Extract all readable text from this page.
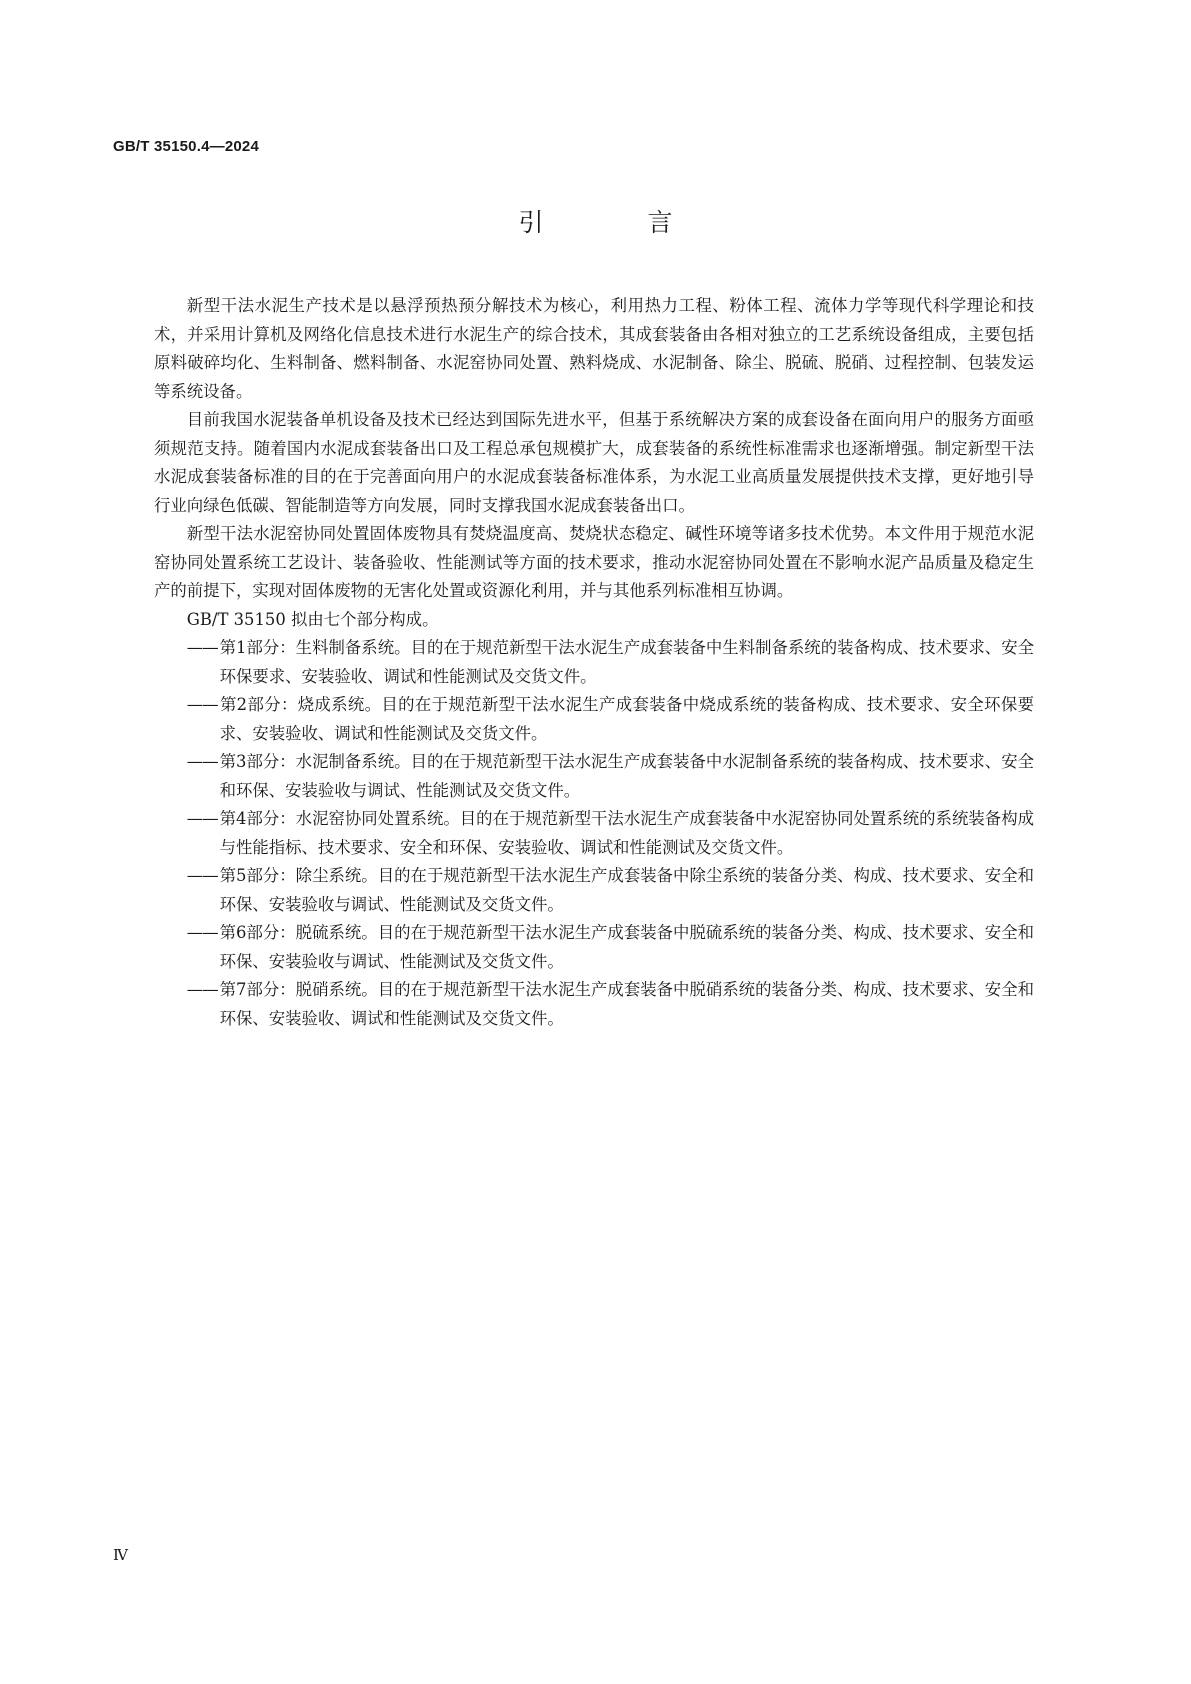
GB/T 35150.4—2024
引 言

新型干法水泥生产技术是以悬浮预热预分解技术为核心，利用热力工程、粉体工程、流体力学等现代科学理论和技术，并采用计算机及网络化信息技术进行水泥生产的综合技术，其成套装备由各相对独立的工艺系统设备组成，主要包括原料破碎均化、生料制备、燃料制备、水泥窑协同处置、熟料烧成、水泥制备、除尘、脱硫、脱硝、过程控制、包装发运等系统设备。

目前我国水泥装备单机设备及技术已经达到国际先进水平，但基于系统解决方案的成套设备在面向用户的服务方面亟须规范支持。随着国内水泥成套装备出口及工程总承包规模扩大，成套装备的系统性标准需求也逐渐增强。制定新型干法水泥成套装备标准的目的在于完善面向用户的水泥成套装备标准体系，为水泥工业高质量发展提供技术支撑，更好地引导行业向绿色低碳、智能制造等方向发展，同时支撑我国水泥成套装备出口。

新型干法水泥窑协同处置固体废物具有焚烧温度高、焚烧状态稳定、碱性环境等诸多技术优势。本文件用于规范水泥窑协同处置系统工艺设计、装备验收、性能测试等方面的技术要求，推动水泥窑协同处置在不影响水泥产品质量及稳定生产的前提下，实现对固体废物的无害化处置或资源化利用，并与其他系列标准相互协调。

GB/T 35150 拟由七个部分构成。

—— 第1部分：生料制备系统。目的在于规范新型干法水泥生产成套装备中生料制备系统的装备构成、技术要求、安全环保要求、安装验收、调试和性能测试及交货文件。
—— 第2部分：烧成系统。目的在于规范新型干法水泥生产成套装备中烧成系统的装备构成、技术要求、安全环保要求、安装验收、调试和性能测试及交货文件。
—— 第3部分：水泥制备系统。目的在于规范新型干法水泥生产成套装备中水泥制备系统的装备构成、技术要求、安全和环保、安装验收与调试、性能测试及交货文件。
—— 第4部分：水泥窑协同处置系统。目的在于规范新型干法水泥生产成套装备中水泥窑协同处置系统的系统装备构成与性能指标、技术要求、安全和环保、安装验收、调试和性能测试及交货文件。
—— 第5部分：除尘系统。目的在于规范新型干法水泥生产成套装备中除尘系统的装备分类、构成、技术要求、安全和环保、安装验收与调试、性能测试及交货文件。
—— 第6部分：脱硫系统。目的在于规范新型干法水泥生产成套装备中脱硫系统的装备分类、构成、技术要求、安全和环保、安装验收与调试、性能测试及交货文件。
—— 第7部分：脱硝系统。目的在于规范新型干法水泥生产成套装备中脱硝系统的装备分类、构成、技术要求、安全和环保、安装验收、调试和性能测试及交货文件。
Ⅳ
